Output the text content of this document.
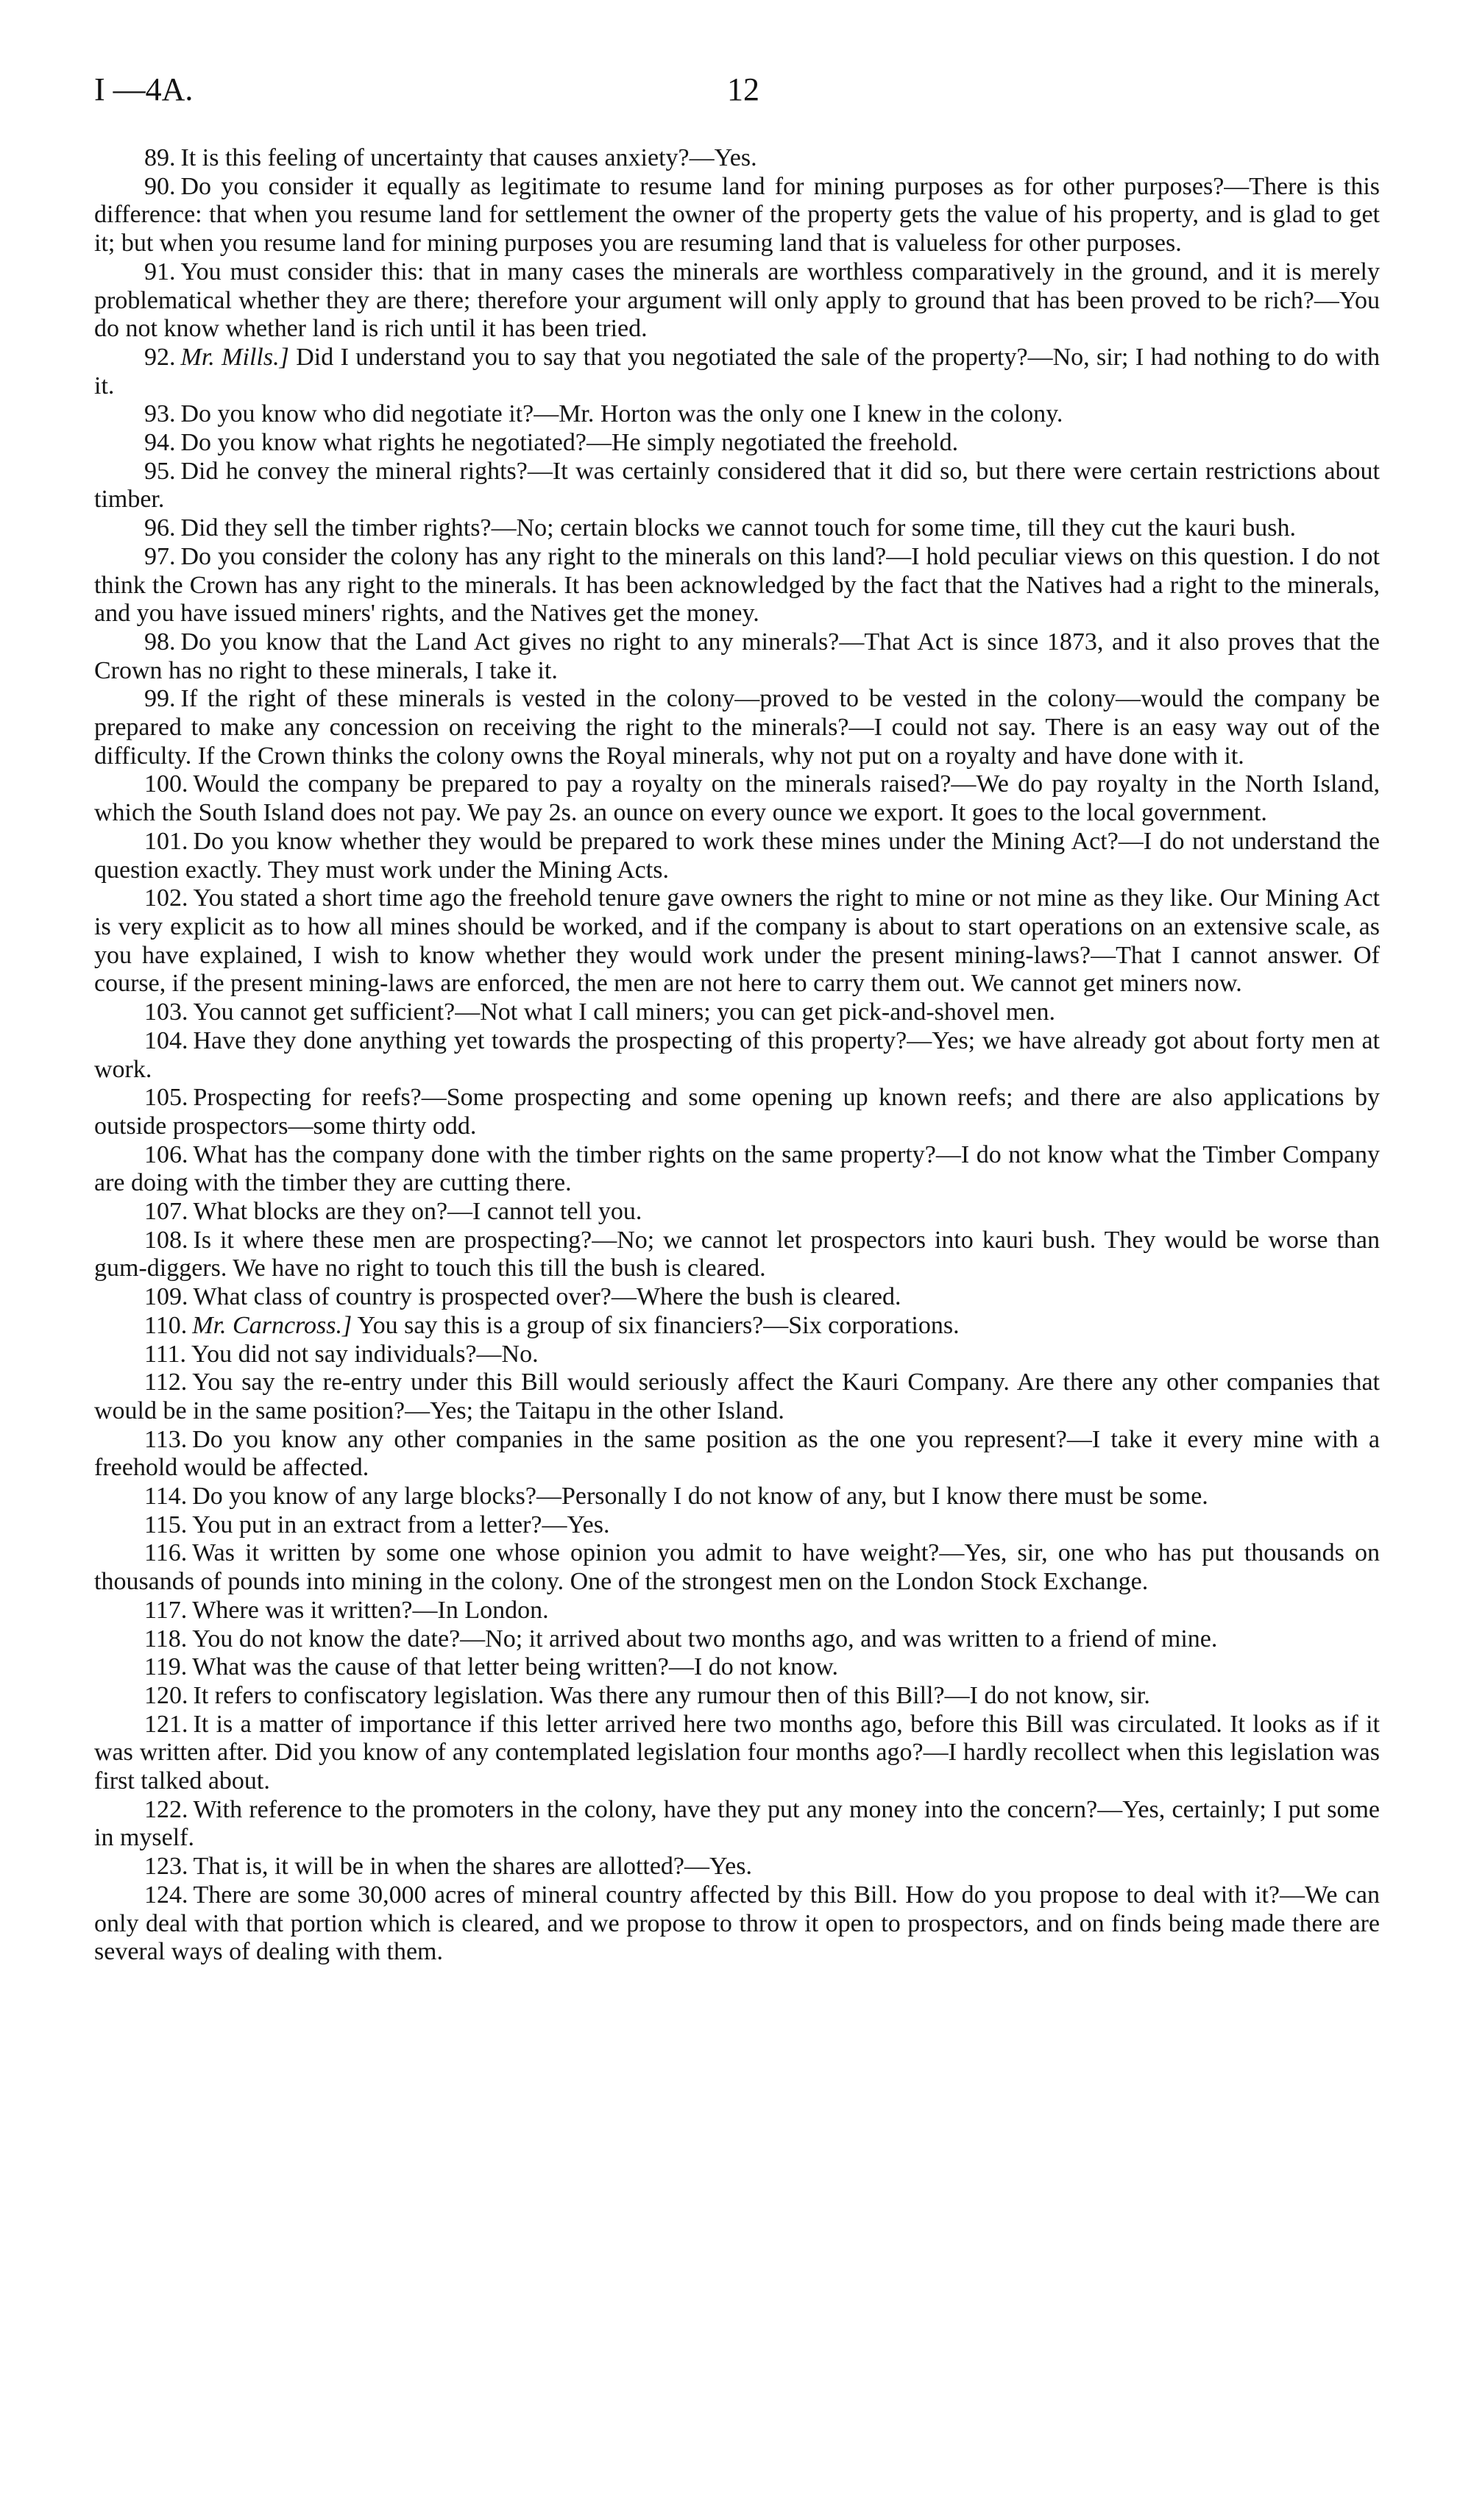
I —4A.	12

89. It is this feeling of uncertainty that causes anxiety?—Yes.

90. Do you consider it equally as legitimate to resume land for mining purposes as for other purposes?—There is this difference: that when you resume land for settlement the owner of the property gets the value of his property, and is glad to get it; but when you resume land for mining purposes you are resuming land that is valueless for other purposes.

91. You must consider this: that in many cases the minerals are worthless comparatively in the ground, and it is merely problematical whether they are there; therefore your argument will only apply to ground that has been proved to be rich?—You do not know whether land is rich until it has been tried.

92. Mr. Mills.] Did I understand you to say that you negotiated the sale of the property?—No, sir; I had nothing to do with it.

93. Do you know who did negotiate it?—Mr. Horton was the only one I knew in the colony.

94. Do you know what rights he negotiated?—He simply negotiated the freehold.

95. Did he convey the mineral rights?—It was certainly considered that it did so, but there were certain restrictions about timber.

96. Did they sell the timber rights?—No; certain blocks we cannot touch for some time, till they cut the kauri bush.

97. Do you consider the colony has any right to the minerals on this land?—I hold peculiar views on this question. I do not think the Crown has any right to the minerals. It has been acknowledged by the fact that the Natives had a right to the minerals, and you have issued miners' rights, and the Natives get the money.

98. Do you know that the Land Act gives no right to any minerals?—That Act is since 1873, and it also proves that the Crown has no right to these minerals, I take it.

99. If the right of these minerals is vested in the colony—proved to be vested in the colony—would the company be prepared to make any concession on receiving the right to the minerals?—I could not say. There is an easy way out of the difficulty. If the Crown thinks the colony owns the Royal minerals, why not put on a royalty and have done with it.

100. Would the company be prepared to pay a royalty on the minerals raised?—We do pay royalty in the North Island, which the South Island does not pay. We pay 2s. an ounce on every ounce we export. It goes to the local government.

101. Do you know whether they would be prepared to work these mines under the Mining Act?—I do not understand the question exactly. They must work under the Mining Acts.

102. You stated a short time ago the freehold tenure gave owners the right to mine or not mine as they like. Our Mining Act is very explicit as to how all mines should be worked, and if the company is about to start operations on an extensive scale, as you have explained, I wish to know whether they would work under the present mining-laws?—That I cannot answer. Of course, if the present mining-laws are enforced, the men are not here to carry them out. We cannot get miners now.

103. You cannot get sufficient?—Not what I call miners; you can get pick-and-shovel men.

104. Have they done anything yet towards the prospecting of this property?—Yes; we have already got about forty men at work.

105. Prospecting for reefs?—Some prospecting and some opening up known reefs; and there are also applications by outside prospectors—some thirty odd.

106. What has the company done with the timber rights on the same property?—I do not know what the Timber Company are doing with the timber they are cutting there.

107. What blocks are they on?—I cannot tell you.

108. Is it where these men are prospecting?—No; we cannot let prospectors into kauri bush. They would be worse than gum-diggers. We have no right to touch this till the bush is cleared.

109. What class of country is prospected over?—Where the bush is cleared.

110. Mr. Carncross.] You say this is a group of six financiers?—Six corporations.

111. You did not say individuals?—No.

112. You say the re-entry under this Bill would seriously affect the Kauri Company. Are there any other companies that would be in the same position?—Yes; the Taitapu in the other Island.

113. Do you know any other companies in the same position as the one you represent?—I take it every mine with a freehold would be affected.

114. Do you know of any large blocks?—Personally I do not know of any, but I know there must be some.

115. You put in an extract from a letter?—Yes.

116. Was it written by some one whose opinion you admit to have weight?—Yes, sir, one who has put thousands on thousands of pounds into mining in the colony. One of the strongest men on the London Stock Exchange.

117. Where was it written?—In London.

118. You do not know the date?—No; it arrived about two months ago, and was written to a friend of mine.

119. What was the cause of that letter being written?—I do not know.

120. It refers to confiscatory legislation. Was there any rumour then of this Bill?—I do not know, sir.

121. It is a matter of importance if this letter arrived here two months ago, before this Bill was circulated. It looks as if it was written after. Did you know of any contemplated legislation four months ago?—I hardly recollect when this legislation was first talked about.

122. With reference to the promoters in the colony, have they put any money into the concern?—Yes, certainly; I put some in myself.

123. That is, it will be in when the shares are allotted?—Yes.

124. There are some 30,000 acres of mineral country affected by this Bill. How do you propose to deal with it?—We can only deal with that portion which is cleared, and we propose to throw it open to prospectors, and on finds being made there are several ways of dealing with them.
